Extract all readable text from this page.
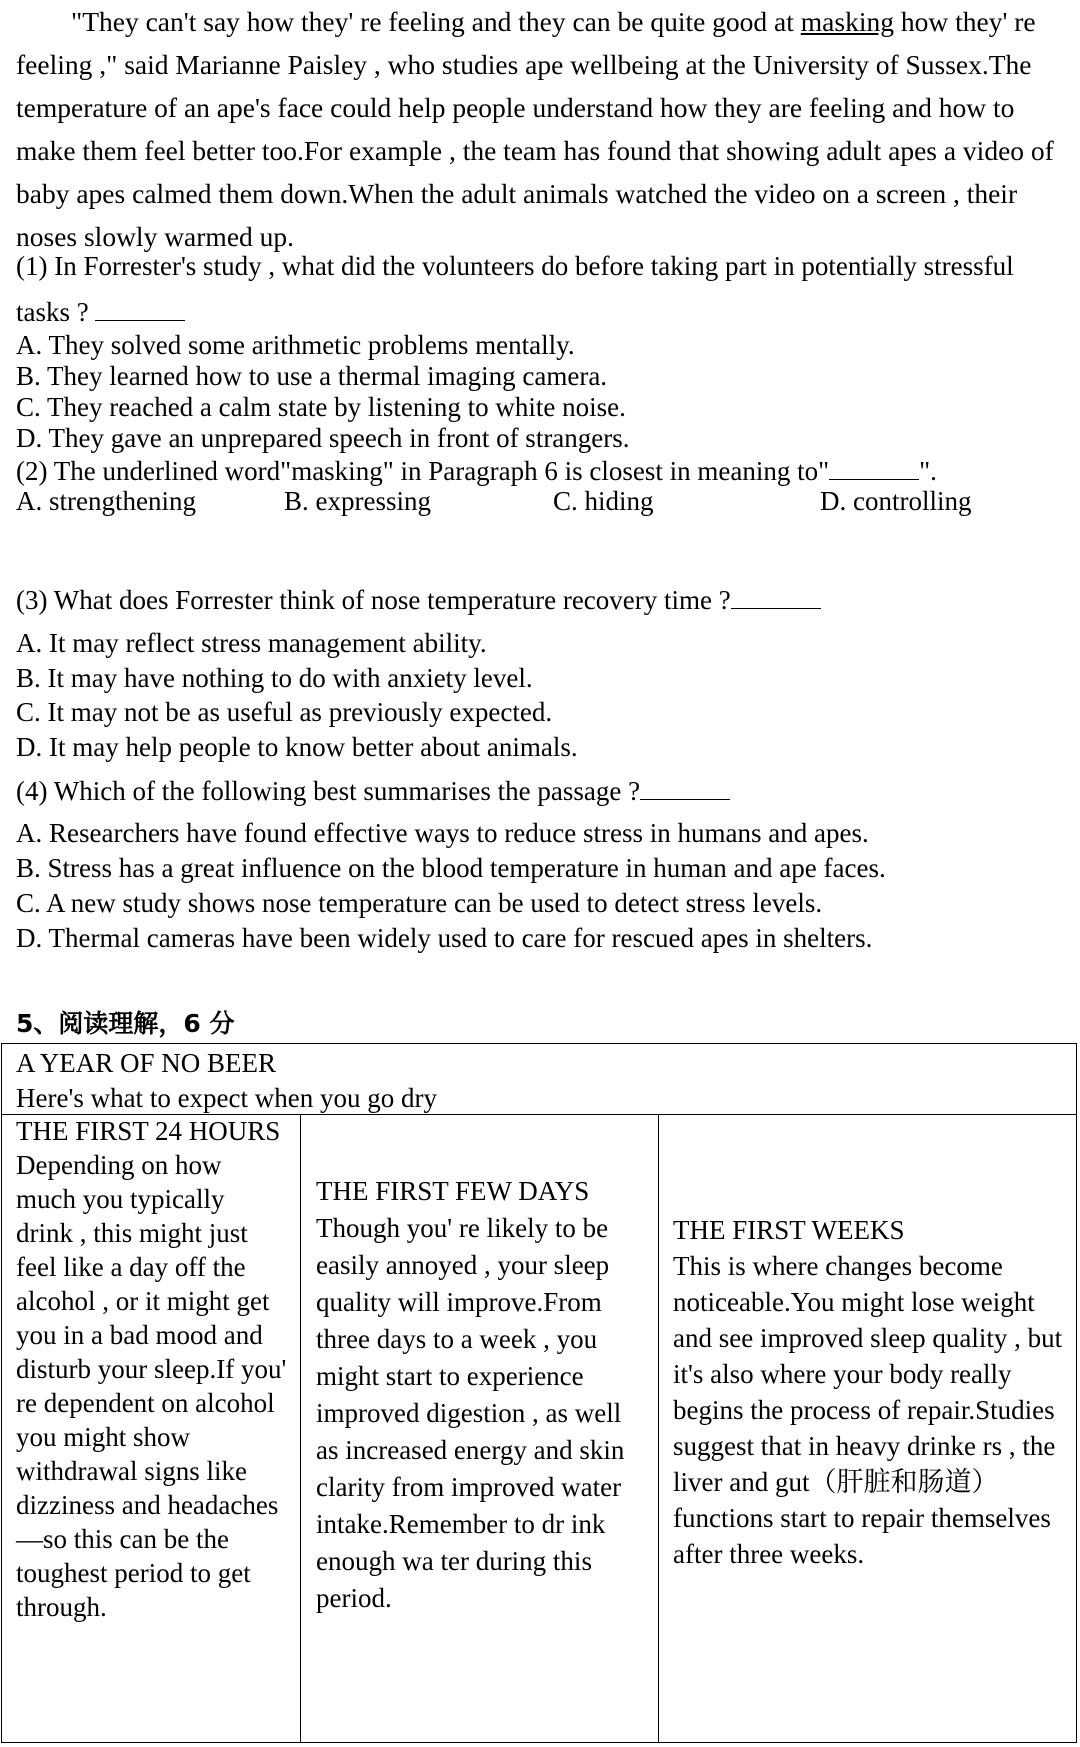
"They can't say how they' re feeling and they can be quite good at masking how they' re feeling ," said Marianne Paisley , who studies ape wellbeing at the University of Sussex.The temperature of an ape's face could help people understand how they are feeling and how to make them feel better too.For example , the team has found that showing adult apes a video of baby apes calmed them down.When the adult animals watched the video on a screen , their noses slowly warmed up.
(1) In Forrester's study , what did the volunteers do before taking part in potentially stressful tasks ?
A. They solved some arithmetic problems mentally.
B. They learned how to use a thermal imaging camera.
C. They reached a calm state by listening to white noise.
D. They gave an unprepared speech in front of strangers.
(2) The underlined word"masking" in Paragraph 6 is closest in meaning to"	".
A. strengthening	B. expressing	C. hiding	D. controlling
(3) What does Forrester think of nose temperature recovery time ?
A. It may reflect stress management ability.
B. It may have nothing to do with anxiety level.
C. It may not be as useful as previously expected.
D. It may help people to know better about animals.
(4) Which of the following best summarises the passage ?
A. Researchers have found effective ways to reduce stress in humans and apes.
B. Stress has a great influence on the blood temperature in human and ape faces.
C. A new study shows nose temperature can be used to detect stress levels.
D. Thermal cameras have been widely used to care for rescued apes in shelters.
5、阅读理解，6 分
A YEAR OF NO BEER
Here's what to expect when you go dry
THE FIRST 24 HOURS
Depending on how much you typically drink , this might just feel like a day off the alcohol , or it might get you in a bad mood and disturb your sleep.If you' re dependent on alcohol you might show withdrawal signs like dizziness and headaches—so this can be the toughest period to get through.
THE FIRST FEW DAYS
Though you' re likely to be easily annoyed , your sleep quality will improve.From three days to a week , you might start to experience improved digestion , as well as increased energy and skin clarity from improved water intake.Remember to dr ink enough wa ter during this period.
THE FIRST WEEKS
This is where changes become noticeable.You might lose weight and see improved sleep quality , but it's also where your body really begins the process of repair.Studies suggest that in heavy drinke rs , the liver and gut（肝脏和肠道） functions start to repair themselves after three weeks.
